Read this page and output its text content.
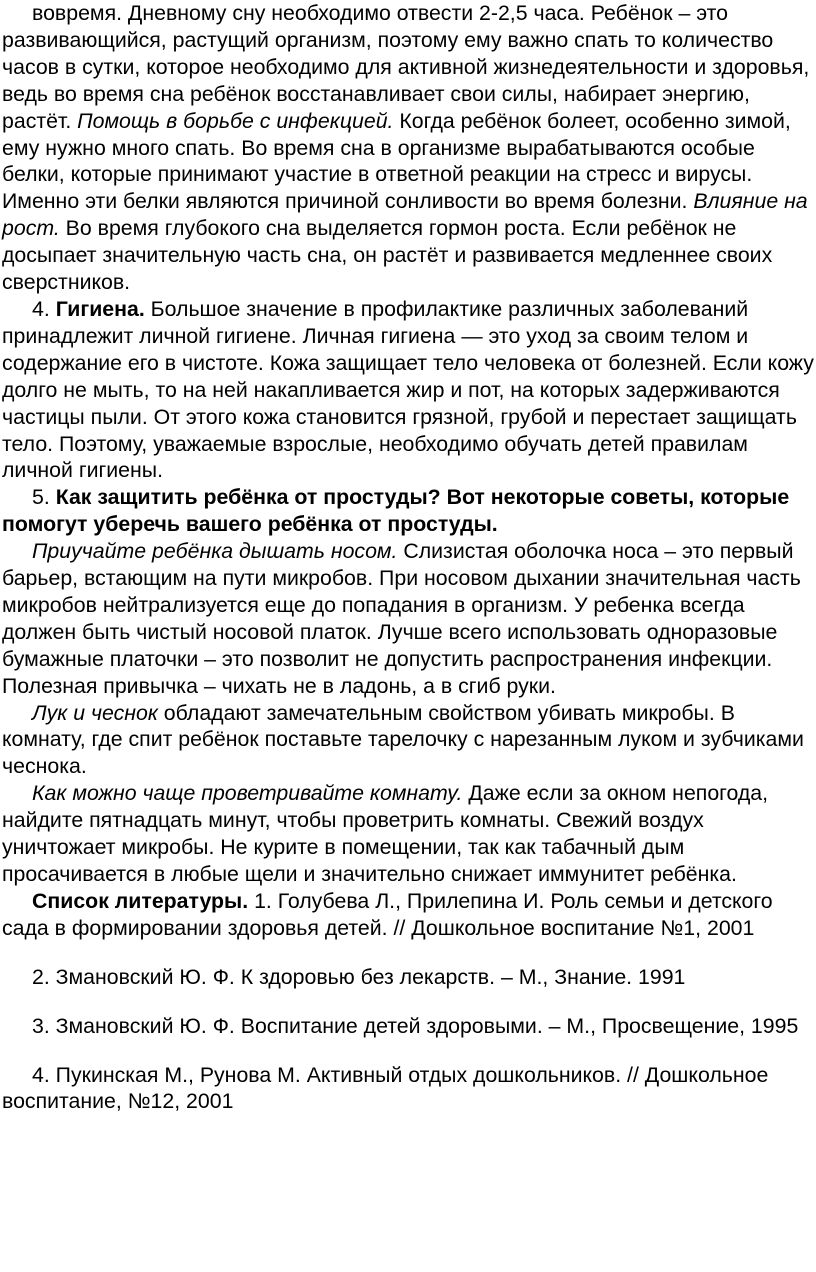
вовремя. Дневному сну необходимо отвести 2-2,5 часа. Ребёнок – это развивающийся, растущий организм, поэтому ему важно спать то количество часов в сутки, которое необходимо для активной жизнедеятельности и здоровья, ведь во время сна ребёнок восстанавливает свои силы, набирает энергию, растёт. Помощь в борьбе с инфекцией. Когда ребёнок болеет, особенно зимой, ему нужно много спать. Во время сна в организме вырабатываются особые белки, которые принимают участие в ответной реакции на стресс и вирусы. Именно эти белки являются причиной сонливости во время болезни. Влияние на рост. Во время глубокого сна выделяется гормон роста. Если ребёнок не досыпает значительную часть сна, он растёт и развивается медленнее своих сверстников.

4. Гигиена. Большое значение в профилактике различных заболеваний принадлежит личной гигиене. Личная гигиена — это уход за своим телом и содержание его в чистоте. Кожа защищает тело человека от болезней. Если кожу долго не мыть, то на ней накапливается жир и пот, на которых задерживаются частицы пыли. От этого кожа становится грязной, грубой и перестает защищать тело. Поэтому, уважаемые взрослые, необходимо обучать детей правилам личной гигиены.

5. Как защитить ребёнка от простуды? Вот некоторые советы, которые помогут уберечь вашего ребёнка от простуды.

Приучайте ребёнка дышать носом. Слизистая оболочка носа – это первый барьер, встающим на пути микробов. При носовом дыхании значительная часть микробов нейтрализуется еще до попадания в организм. У ребенка всегда должен быть чистый носовой платок. Лучше всего использовать одноразовые бумажные платочки – это позволит не допустить распространения инфекции. Полезная привычка – чихать не в ладонь, а в сгиб руки.

Лук и чеснок обладают замечательным свойством убивать микробы. В комнату, где спит ребёнок поставьте тарелочку с нарезанным луком и зубчиками чеснока.

Как можно чаще проветривайте комнату. Даже если за окном непогода, найдите пятнадцать минут, чтобы проветрить комнаты. Свежий воздух уничтожает микробы. Не курите в помещении, так как табачный дым просачивается в любые щели и значительно снижает иммунитет ребёнка.

Список литературы. 1. Голубева Л., Прилепина И. Роль семьи и детского сада в формировании здоровья детей. // Дошкольное воспитание №1, 2001

2. Змановский Ю. Ф. К здоровью без лекарств. – М., Знание. 1991

3. Змановский Ю. Ф. Воспитание детей здоровыми. – М., Просвещение, 1995

4. Пукинская М., Рунова М. Активный отдых дошкольников. // Дошкольное воспитание, №12, 2001
